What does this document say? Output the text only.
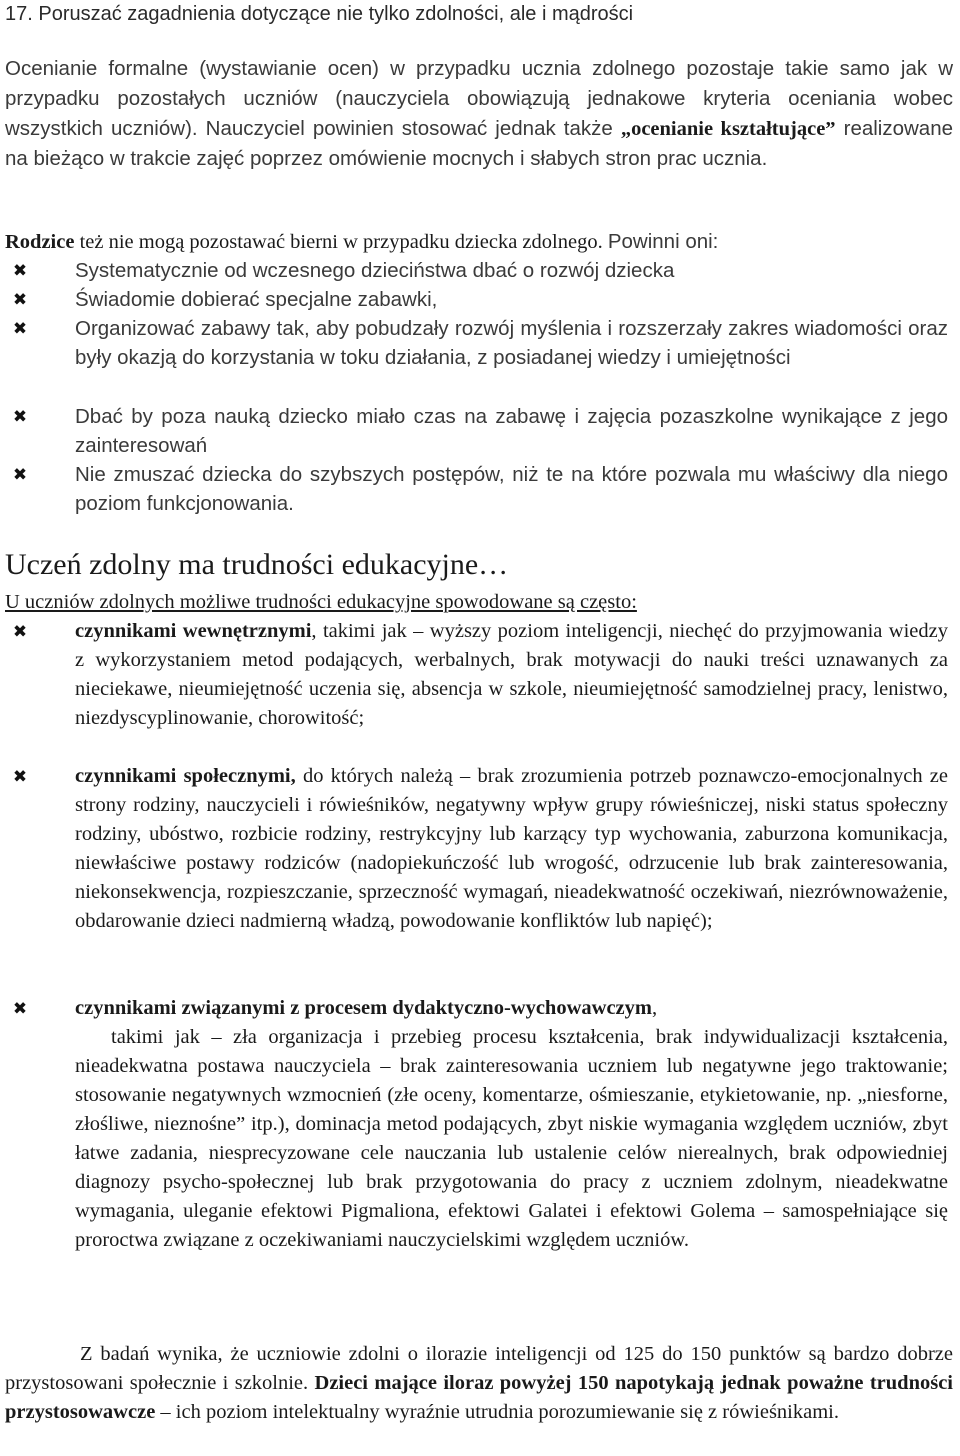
17. Poruszać zagadnienia dotyczące nie tylko zdolności, ale i mądrości
Ocenianie formalne (wystawianie ocen) w przypadku ucznia zdolnego pozostaje takie samo jak w przypadku pozostałych uczniów (nauczyciela obowiązują jednakowe kryteria oceniania wobec wszystkich uczniów). Nauczyciel powinien stosować jednak także „ocenianie kształtujące” realizowane na bieżąco w trakcie zajęć poprzez omówienie mocnych i słabych stron prac ucznia.
Rodzice też nie mogą pozostawać bierni w przypadku dziecka zdolnego. Powinni oni:
✖ Systematycznie od wczesnego dzieciństwa dbać o rozwój dziecka
✖ Świadomie dobierać specjalne zabawki,
✖ Organizować zabawy tak, aby pobudzały rozwój myślenia i rozszerzały zakres wiadomości oraz były okazją do korzystania w toku działania, z posiadanej wiedzy i umiejętności
✖ Dbać by poza nauką dziecko miało czas na zabawę i zajęcia pozaszkolne wynikające z jego zainteresowań
✖ Nie zmuszać dziecka do szybszych postępów, niż te na które pozwala mu właściwy dla niego poziom funkcjonowania.
Uczeń zdolny ma trudności edukacyjne…
U uczniów zdolnych możliwe trudności edukacyjne spowodowane są często:
✖ czynnikami wewnętrznymi, takimi jak – wyższy poziom inteligencji, niechęć do przyjmowania wiedzy z wykorzystaniem metod podających, werbalnych, brak motywacji do nauki treści uznawanych za nieciekawe, nieumiejętność uczenia się, absencja w szkole, nieumiejętność samodzielnej pracy, lenistwo, niezdyscyplinowanie, chorowitość;
✖ czynnikami społecznymi, do których należą – brak zrozumienia potrzeb poznawczo-emocjonalnych ze strony rodziny, nauczycieli i rówieśników, negatywny wpływ grupy rówieśniczej, niski status społeczny rodziny, ubóstwo, rozbicie rodziny, restrykcyjny lub karzący typ wychowania, zaburzona komunikacja, niewłaściwe postawy rodziców (nadopiekuńczość lub wrogość, odrzucenie lub brak zainteresowania, niekonsekwencja, rozpieszczanie, sprzeczność wymagań, nieadekwatność oczekiwań, niezrównoważenie, obdarowanie dzieci nadmierną władzą, powodowanie konfliktów lub napięć);
✖ czynnikami związanymi z procesem dydaktyczno-wychowawczym,
takimi jak – zła organizacja i przebieg procesu kształcenia, brak indywidualizacji kształcenia, nieadekwatna postawa nauczyciela – brak zainteresowania uczniem lub negatywne jego traktowanie; stosowanie negatywnych wzmocnień (złe oceny, komentarze, ośmieszanie, etykietowanie, np. „niesforne, złośliwe, nieznośne” itp.), dominacja metod podających, zbyt niskie wymagania względem uczniów, zbyt łatwe zadania, niesprecyzowane cele nauczania lub ustalenie celów nierealnych, brak odpowiedniej diagnozy psycho-społecznej lub brak przygotowania do pracy z uczniem zdolnym, nieadekwatne wymagania, uleganie efektowi Pigmaliona, efektowi Galatei i efektowi Golema – samospełniające się proroctwa związane z oczekiwaniami nauczycielskimi względem uczniów.
Z badań wynika, że uczniowie zdolni o ilorazie inteligencji od 125 do 150 punktów są bardzo dobrze przystosowani społecznie i szkolnie. Dzieci mające iloraz powyżej 150 napotykają jednak poważne trudności przystosowawcze – ich poziom intelektualny wyraźnie utrudnia porozumiewanie się z rówieśnikami.
